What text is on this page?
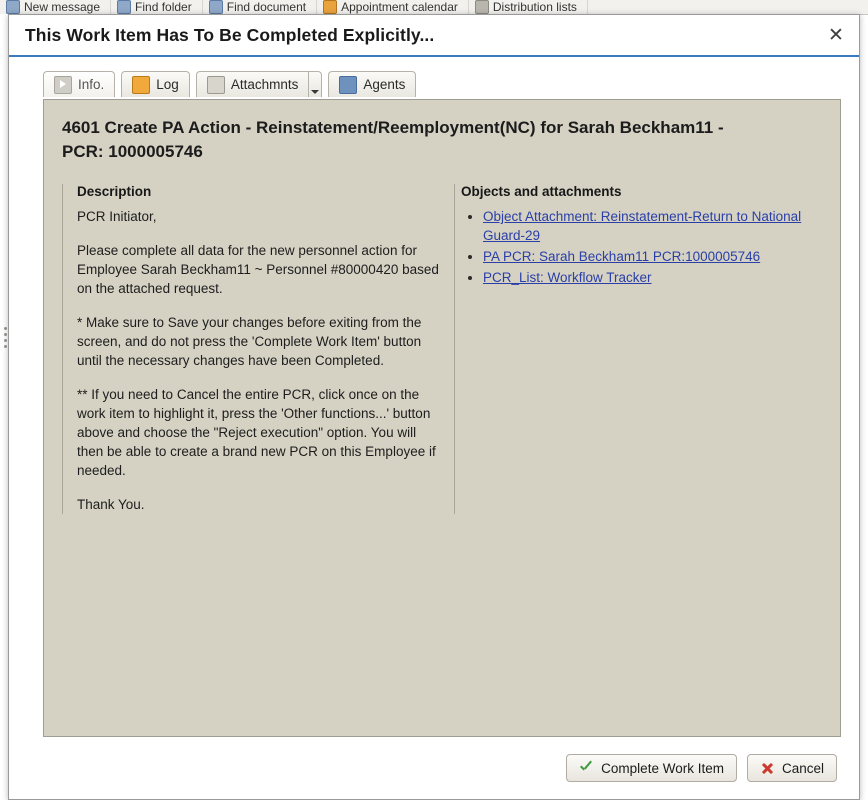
New message	Find folder	Find document	Appointment calendar	Distribution lists
This Work Item Has To Be Completed Explicitly...	✕
Info.	Log	Attachmnts	Agents
4601 Create PA Action - Reinstatement/Reemployment(NC) for Sarah Beckham11 - PCR: 1000005746
Description

PCR Initiator,

Please complete all data for the new personnel action for Employee Sarah Beckham11 ~ Personnel #80000420 based on the attached request.

* Make sure to Save your changes before exiting from the screen, and do not press the 'Complete Work Item' button until the necessary changes have been Completed.

** If you need to Cancel the entire PCR, click once on the work item to highlight it, press the 'Other functions...' button above and choose the "Reject execution" option. You will then be able to create a brand new PCR on this Employee if needed.

Thank You.

Objects and attachments
• Object Attachment: Reinstatement-Return to National Guard-29
• PA PCR: Sarah Beckham11 PCR:1000005746
• PCR_List: Workflow Tracker
Complete Work Item	Cancel
